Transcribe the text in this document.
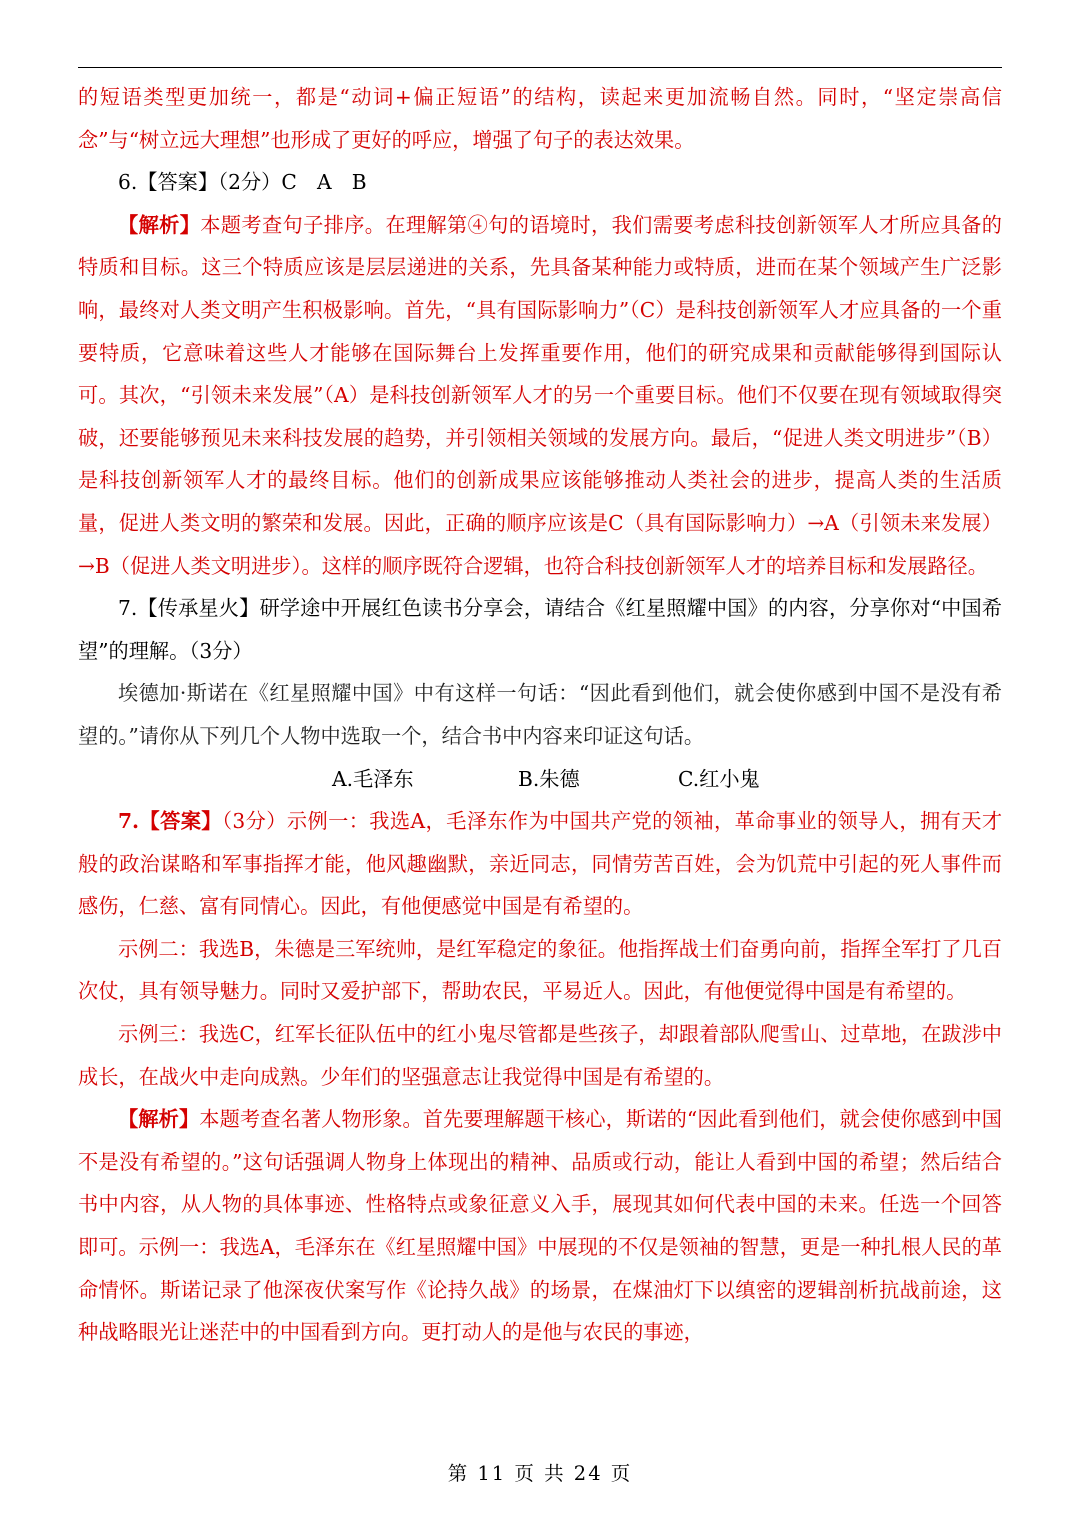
的短语类型更加统一，都是“动词+偏正短语”的结构，读起来更加流畅自然。同时，“坚定崇高信念”与“树立远大理想”也形成了更好的呼应，增强了句子的表达效果。

6.【答案】（2分）C　A　B

【解析】本题考查句子排序。在理解第④句的语境时，我们需要考虑科技创新领军人才所应具备的特质和目标。这三个特质应该是层层递进的关系，先具备某种能力或特质，进而在某个领域产生广泛影响，最终对人类文明产生积极影响。首先，“具有国际影响力”（C）是科技创新领军人才应具备的一个重要特质，它意味着这些人才能够在国际舞台上发挥重要作用，他们的研究成果和贡献能够得到国际认可。其次，“引领未来发展”（A）是科技创新领军人才的另一个重要目标。他们不仅要在现有领域取得突破，还要能够预见未来科技发展的趋势，并引领相关领域的发展方向。最后，“促进人类文明进步”（B）是科技创新领军人才的最终目标。他们的创新成果应该能够推动人类社会的进步，提高人类的生活质量，促进人类文明的繁荣和发展。因此，正确的顺序应该是C（具有国际影响力）→A（引领未来发展）→B（促进人类文明进步）。这样的顺序既符合逻辑，也符合科技创新领军人才的培养目标和发展路径。

7.【传承星火】研学途中开展红色读书分享会，请结合《红星照耀中国》的内容，分享你对“中国希望”的理解。（3分）

埃德加·斯诺在《红星照耀中国》中有这样一句话：“因此看到他们，就会使你感到中国不是没有希望的。”请你从下列几个人物中选取一个，结合书中内容来印证这句话。

A.毛泽东	B.朱德	C.红小鬼

7.【答案】（3分）示例一：我选A，毛泽东作为中国共产党的领袖，革命事业的领导人，拥有天才般的政治谋略和军事指挥才能，他风趣幽默，亲近同志，同情劳苦百姓，会为饥荒中引起的死人事件而感伤，仁慈、富有同情心。因此，有他便感觉中国是有希望的。

示例二：我选B，朱德是三军统帅，是红军稳定的象征。他指挥战士们奋勇向前，指挥全军打了几百次仗，具有领导魅力。同时又爱护部下，帮助农民，平易近人。因此，有他便觉得中国是有希望的。

示例三：我选C，红军长征队伍中的红小鬼尽管都是些孩子，却跟着部队爬雪山、过草地，在跋涉中成长，在战火中走向成熟。少年们的坚强意志让我觉得中国是有希望的。

【解析】本题考查名著人物形象。首先要理解题干核心，斯诺的“因此看到他们，就会使你感到中国不是没有希望的。”这句话强调人物身上体现出的精神、品质或行动，能让人看到中国的希望；然后结合书中内容，从人物的具体事迹、性格特点或象征意义入手，展现其如何代表中国的未来。任选一个回答即可。示例一：我选A，毛泽东在《红星照耀中国》中展现的不仅是领袖的智慧，更是一种扎根人民的革命情怀。斯诺记录了他深夜伏案写作《论持久战》的场景，在煤油灯下以缜密的逻辑剖析抗战前途，这种战略眼光让迷茫中的中国看到方向。更打动人的是他与农民的事迹，

第 11 页 共 24 页
